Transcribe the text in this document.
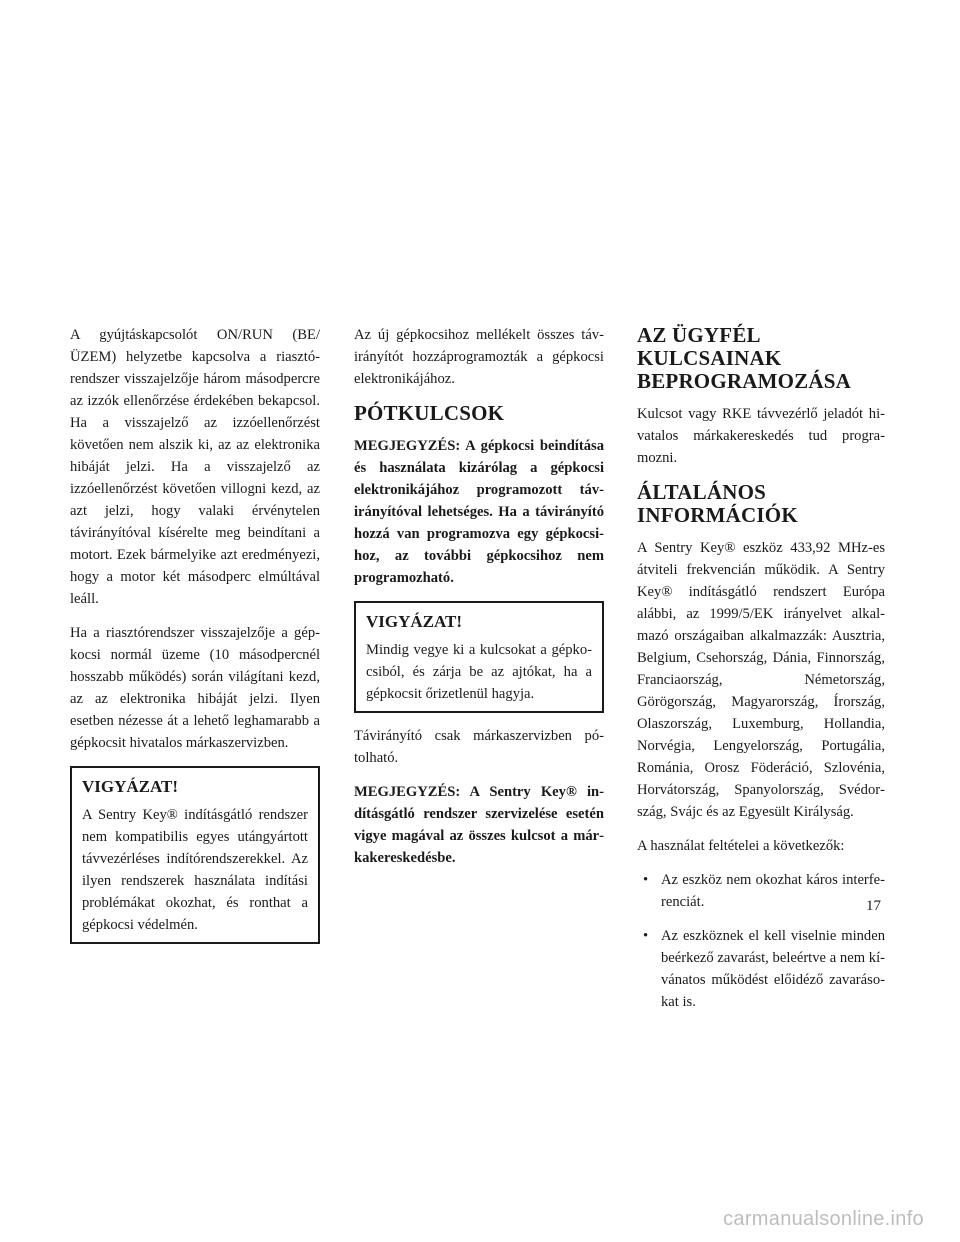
A gyújtáskapcsolót ON/RUN (BE/ ÜZEM) helyzetbe kapcsolva a riasztórendszer visszajelzője három másodpercre az izzók ellenőrzése érdekében bekapcsol. Ha a visszajelző az izzóellenőrzést követően nem alszik ki, az az elektronika hibáját jelzi. Ha a visszajelző az izzóellenőrzést követően villogni kezd, az azt jelzi, hogy valaki érvénytelen távirányítóval kísérelte meg beindítani a motort. Ezek bármelyike azt eredményezi, hogy a motor két másodperc elmúltával leáll.

Ha a riasztórendszer visszajelzője a gépkocsi normál üzeme (10 másodpercnél hosszabb működés) során világítani kezd, az az elektronika hibáját jelzi. Ilyen esetben nézesse át a lehető leghamarabb a gépkocsit hivatalos márkaszervizben.

VIGYÁZAT!

A Sentry Key® indításgátló rendszer nem kompatibilis egyes utángyártott távvezérléses indítórendszerekkel. Az ilyen rendszerek használata indítási problémákat okozhat, és ronthat a gépkocsi védelmén.

Az új gépkocsihoz mellékelt összes távirányítót hozzáprogramozták a gépkocsi elektronikájához.

PÓTKULCSOK

MEGJEGYZÉS: A gépkocsi beindítása és használata kizárólag a gépkocsi elektronikájához programozott távirányítóval lehetséges. Ha a távirányító hozzá van programozva egy gépkocsihoz, az további gépkocsihoz nem programozható.

VIGYÁZAT!

Mindig vegye ki a kulcsokat a gépkocsiból, és zárja be az ajtókat, ha a gépkocsit őrizetlenül hagyja.

Távirányító csak márkaszervizben pótolható.

MEGJEGYZÉS: A Sentry Key® indításgátló rendszer szervizelése esetén vigye magával az összes kulcsot a márkakereskedésbe.

AZ ÜGYFÉL KULCSAINAK BEPROGRAMOZÁSA

Kulcsot vagy RKE távvezérlő jeladót hivatalos márkakereskedés tud programozni.

ÁLTALÁNOS INFORMÁCIÓK

A Sentry Key® eszköz 433,92 MHz-es átviteli frekvencián működik. A Sentry Key® indításgátló rendszert Európa alábbi, az 1999/5/EK irányelvet alkalmazó országaiban alkalmazzák: Ausztria, Belgium, Csehország, Dánia, Finnország, Franciaország, Németország, Görögország, Magyarország, Írország, Olaszország, Luxemburg, Hollandia, Norvégia, Lengyelország, Portugália, Románia, Orosz Föderáció, Szlovénia, Horvátország, Spanyolország, Svédország, Svájc és az Egyesült Királyság.

A használat feltételei a következők:

• Az eszköz nem okozhat káros interferenciát.
• Az eszköznek el kell viselnie minden beérkező zavarást, beleértve a nem kívánatos működést előidéző zavarásokat is.
17
carmanualsonline.info
